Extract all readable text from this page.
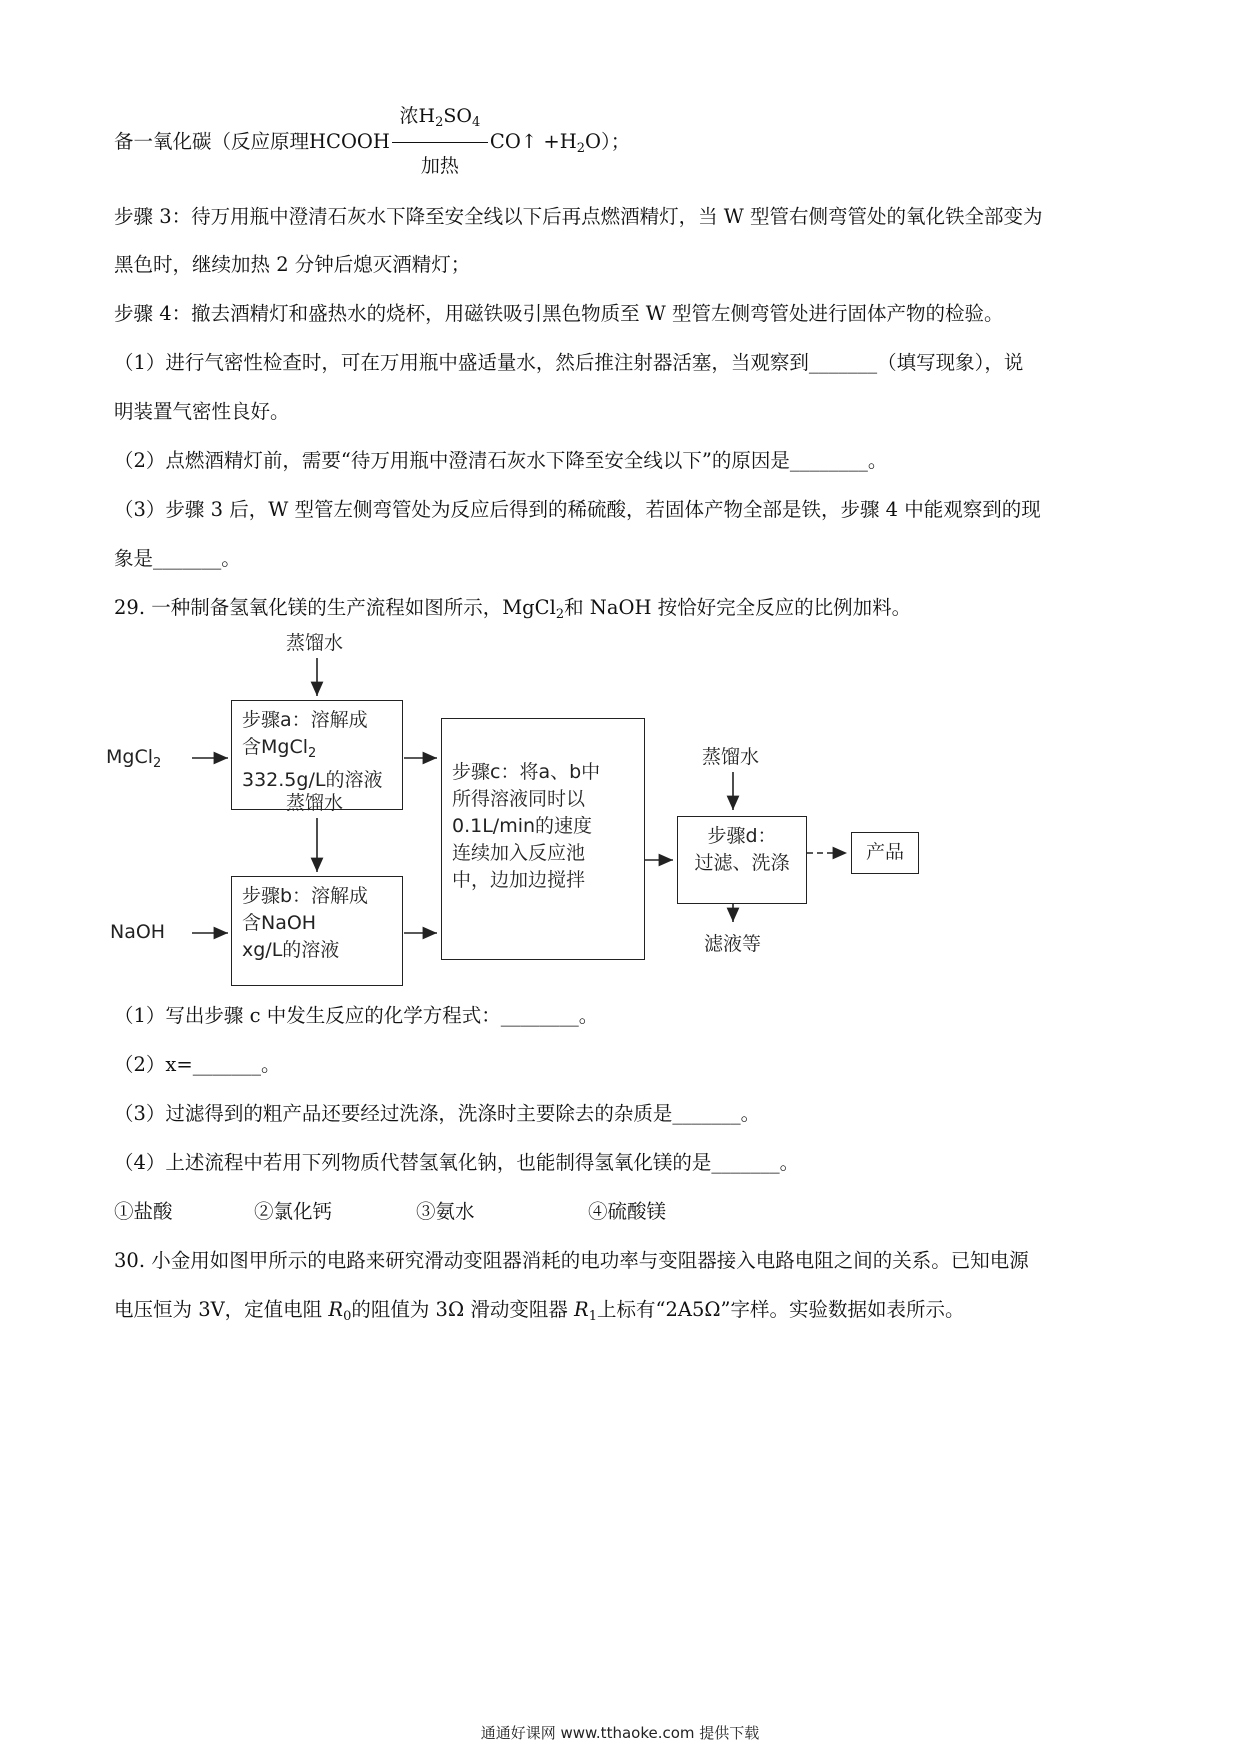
备一氧化碳（反应原理HCOOH $\frac{浓H_2SO_4}{\text{加热}}$ CO↑ $+H_2O$）；
步骤 3：待万用瓶中澄清石灰水下降至安全线以下后再点燃酒精灯，当 W 型管右侧弯管处的氧化铁全部变为
黑色时，继续加热 2 分钟后熄灭酒精灯；
步骤 4：撤去酒精灯和盛热水的烧杯，用磁铁吸引黑色物质至 W 型管左侧弯管处进行固体产物的检验。
（1）进行气密性检查时，可在万用瓶中盛适量水，然后推注射器活塞，当观察到_______（填写现象），说
明装置气密性良好。
（2）点燃酒精灯前，需要“待万用瓶中澄清石灰水下降至安全线以下”的原因是________。
（3）步骤 3 后，W 型管左侧弯管处为反应后得到的稀硫酸，若固体产物全部是铁，步骤 4 中能观察到的现
象是_______。
29. 一种制备氢氧化镁的生产流程如图所示，MgCl$_2$和 NaOH 按恰好完全反应的比例加料。
蒸馏水
MgCl$_2$
蒸馏水
NaOH
蒸馏水
滤液等
步骤a：溶解成
含MgCl$_2$
332.5g/L的溶液
步骤b：溶解成
含NaOH
xg/L的溶液
步骤c：将a、b中
所得溶液同时以
0.1L/min的速度
连续加入反应池
中，边加边搅拌
步骤d：
过滤、洗涤	产品
（1）写出步骤 c 中发生反应的化学方程式：________。
（2）x=_______。
（3）过滤得到的粗产品还要经过洗涤，洗涤时主要除去的杂质是_______。
（4）上述流程中若用下列物质代替氢氧化钠，也能制得氢氧化镁的是_______。
①盐酸	②氯化钙	③氨水	④硫酸镁
30. 小金用如图甲所示的电路来研究滑动变阻器消耗的电功率与变阻器接入电路电阻之间的关系。已知电源
电压恒为 3V，定值电阻 $R_0$的阻值为 3Ω 滑动变阻器 $R_1$上标有“2A5Ω”字样。实验数据如表所示。
通通好课网 www.tthaoke.com 提供下载
